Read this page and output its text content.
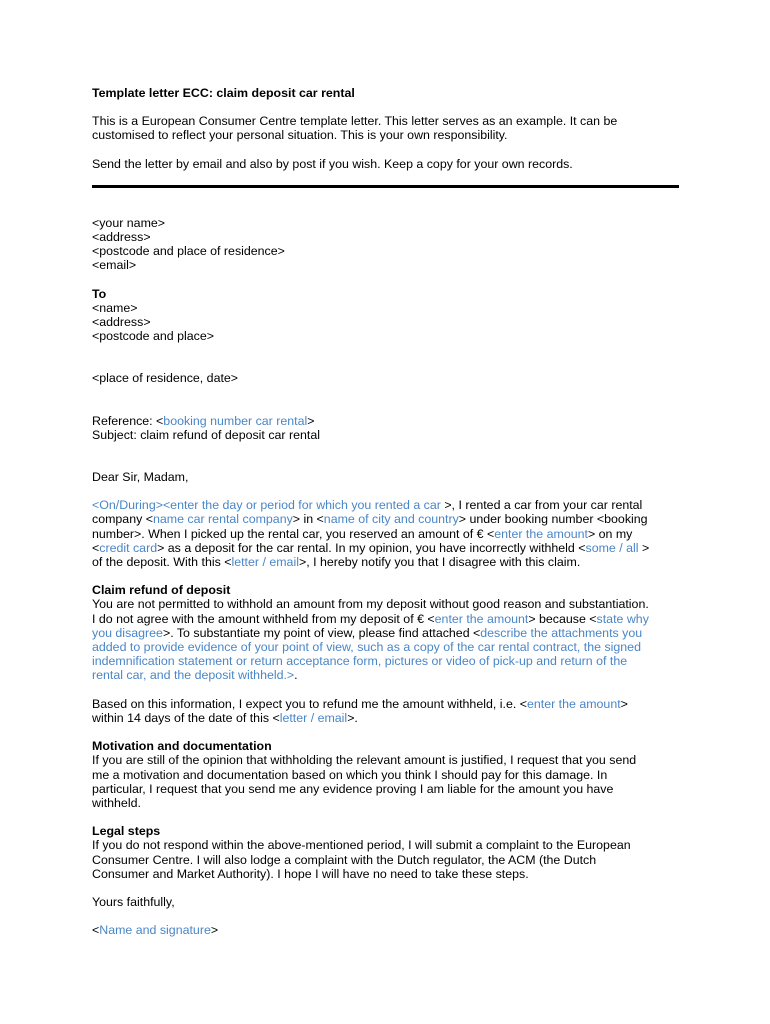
Template letter ECC: claim deposit car rental

This is a European Consumer Centre template letter. This letter serves as an example. It can be

customised to reflect your personal situation. This is your own responsibility.

Send the letter by email and also by post if you wish. Keep a copy for your own records.

<your name>

<address>

<postcode and place of residence>

<email>

To

<name>

<address>

<postcode and place>

<place of residence, date>

Reference: <booking number car rental>

Subject: claim refund of deposit car rental

Dear Sir, Madam,

<On/During><enter the day or period for which you rented a car >, I rented a car from your car rental

company <name car rental company> in <name of city and country> under booking number <booking

number>. When I picked up the rental car, you reserved an amount of € <enter the amount> on my

<credit card> as a deposit for the car rental. In my opinion, you have incorrectly withheld <some / all >

of the deposit. With this <letter / email>, I hereby notify you that I disagree with this claim.

Claim refund of deposit

You are not permitted to withhold an amount from my deposit without good reason and substantiation.

I do not agree with the amount withheld from my deposit of € <enter the amount> because <state why

you disagree>. To substantiate my point of view, please find attached <describe the attachments you

added to provide evidence of your point of view, such as a copy of the car rental contract, the signed

indemnification statement or return acceptance form, pictures or video of pick-up and return of the

rental car, and the deposit withheld.>.

Based on this information, I expect you to refund me the amount withheld, i.e. <enter the amount>

within 14 days of the date of this <letter / email>.

Motivation and documentation

If you are still of the opinion that withholding the relevant amount is justified, I request that you send

me a motivation and documentation based on which you think I should pay for this damage. In

particular, I request that you send me any evidence proving I am liable for the amount you have

withheld.

Legal steps

If you do not respond within the above-mentioned period, I will submit a complaint to the European

Consumer Centre. I will also lodge a complaint with the Dutch regulator, the ACM (the Dutch

Consumer and Market Authority). I hope I will have no need to take these steps.

Yours faithfully,

<Name and signature>
